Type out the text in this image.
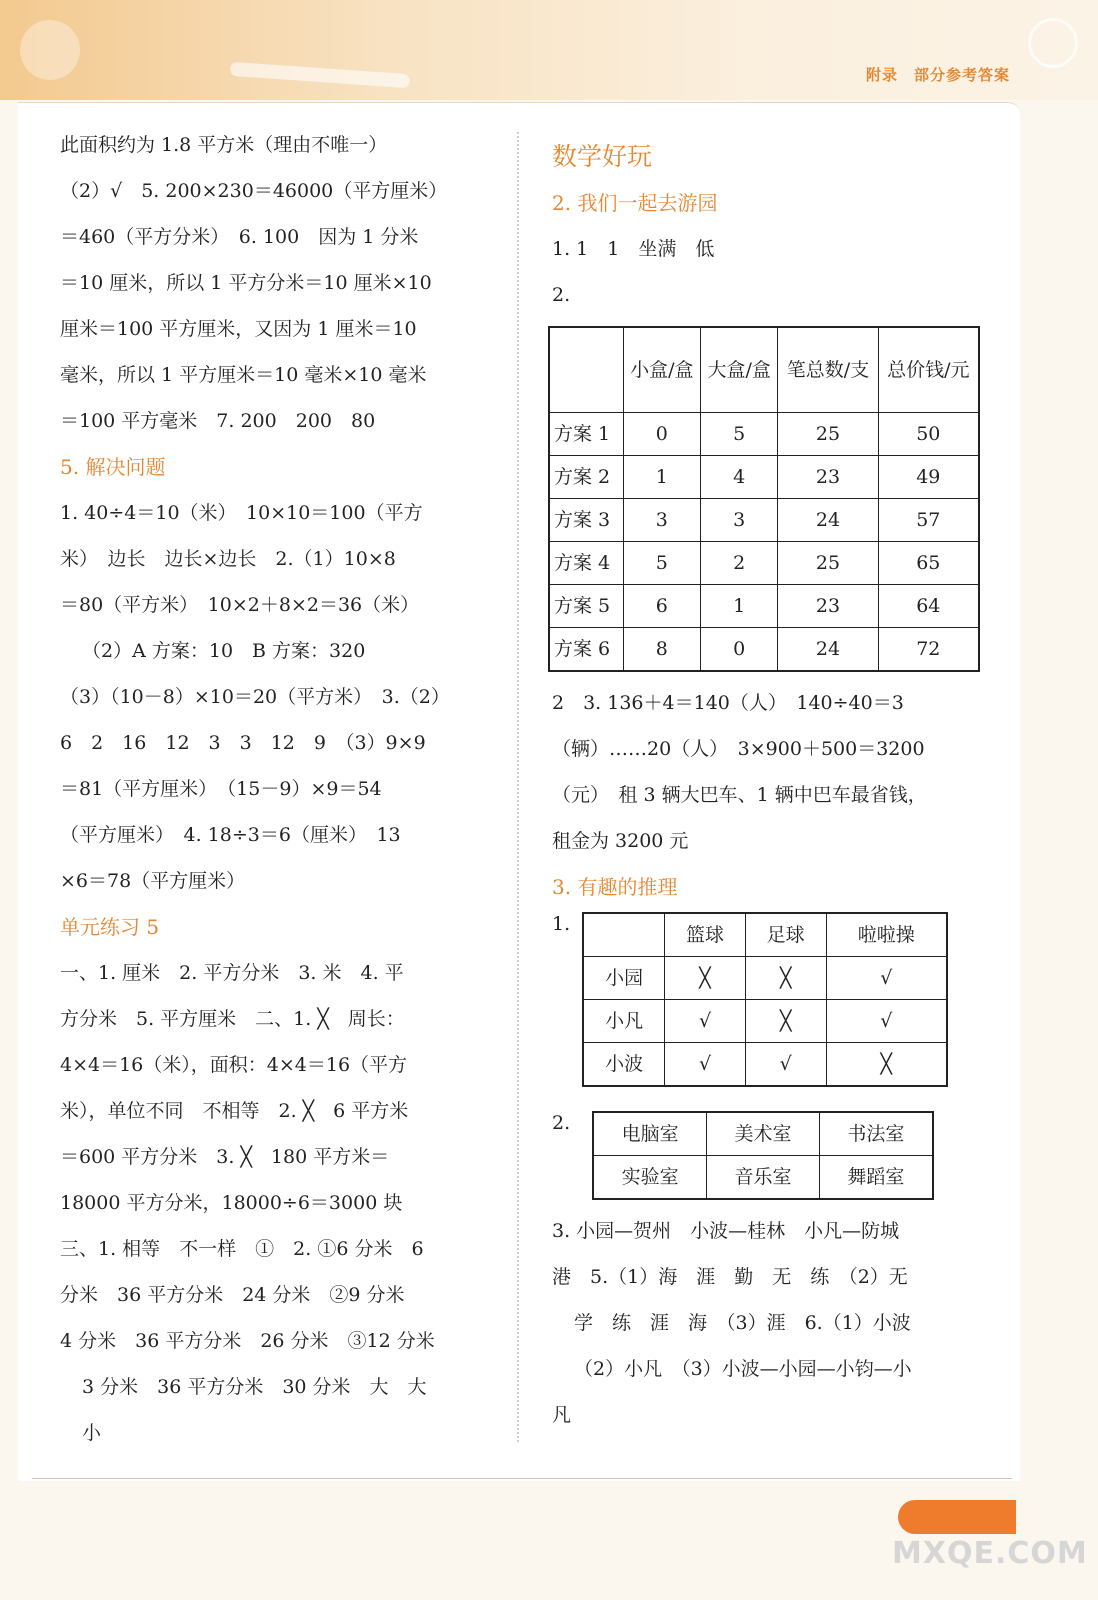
附录 部分参考答案

此面积约为 1.8 平方米（理由不唯一）

（2）√　5. 200×230＝46000（平方厘米）

＝460（平方分米）　6. 100　因为 1 分米

＝10 厘米，所以 1 平方分米＝10 厘米×10

厘米＝100 平方厘米，又因为 1 厘米＝10

毫米，所以 1 平方厘米＝10 毫米×10 毫米

＝100 平方毫米　7. 200　200　80

5. 解决问题

1. 40÷4＝10（米）　10×10＝100（平方

米）　边长　边长×边长　2.（1）10×8

＝80（平方米）　10×2＋8×2＝36（米）

（2）A 方案：10　B 方案：320

（3）（10－8）×10＝20（平方米）　3.（2）

6　2　16　12　3　3　12　9　（3）9×9

＝81（平方厘米）　（15－9）×9＝54

（平方厘米）　4. 18÷3＝6（厘米）　13

×6＝78（平方厘米）

单元练习 5

一、1. 厘米　2. 平方分米　3. 米　4. 平

方分米　5. 平方厘米　二、1. ╳　周长：

4×4＝16（米），面积：4×4＝16（平方

米），单位不同　不相等　2. ╳　6 平方米

＝600 平方分米　3. ╳　180 平方米＝

18000 平方分米，18000÷6＝3000 块

三、1. 相等　不一样　①　2. ①6 分米　6

分米　36 平方分米　24 分米　②9 分米

4 分米　36 平方分米　26 分米　③12 分米

3 分米　36 平方分米　30 分米　大　大

小

数学好玩

2. 我们一起去游园

1. 1　1　坐满　低

2.

	小盒/盒	大盒/盒	笔总数/支	总价钱/元
方案 1	0	5	25	50
方案 2	1	4	23	49
方案 3	3	3	24	57
方案 4	5	2	25	65
方案 5	6	1	23	64
方案 6	8	0	24	72

2　3. 136＋4＝140（人）　140÷40＝3

（辆）……20（人）　3×900＋500＝3200

（元）　租 3 辆大巴车、1 辆中巴车最省钱，

租金为 3200 元

3. 有趣的推理

1.
		篮球	足球	啦啦操
小园	╳	╳	√
小凡	√	╳	√
小波	√	√	╳
2.	电脑室	美术室	书法室
实验室	音乐室	舞蹈室

3. 小园—贺州　小波—桂林　小凡—防城

港　5.（1）海　涯　勤　无　练　（2）无

学　练　涯　海　（3）涯　6.（1）小波

（2）小凡　（3）小波—小园—小钧—小

凡

MXQE.COM
